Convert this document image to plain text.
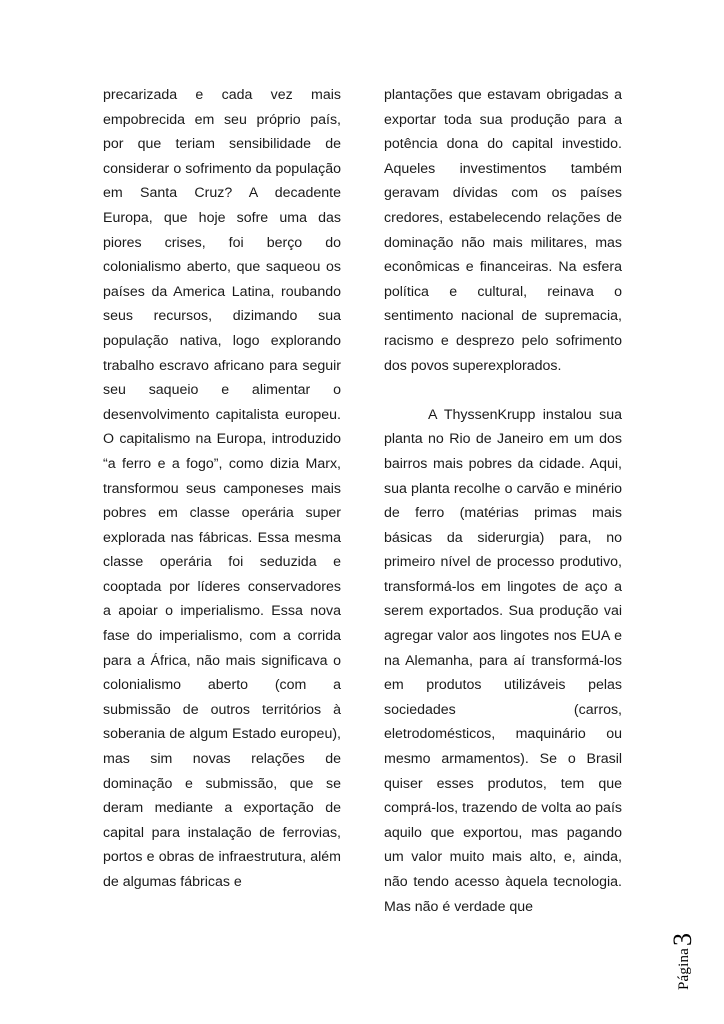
precarizada e cada vez mais empobrecida em seu próprio país, por que teriam sensibilidade de considerar o sofrimento da população em Santa Cruz? A decadente Europa, que hoje sofre uma das piores crises, foi berço do colonialismo aberto, que saqueou os países da America Latina, roubando seus recursos, dizimando sua população nativa, logo explorando trabalho escravo africano para seguir seu saqueio e alimentar o desenvolvimento capitalista europeu. O capitalismo na Europa, introduzido “a ferro e a fogo”, como dizia Marx, transformou seus camponeses mais pobres em classe operária super explorada nas fábricas. Essa mesma classe operária foi seduzida e cooptada por líderes conservadores a apoiar o imperialismo. Essa nova fase do imperialismo, com a corrida para a África, não mais significava o colonialismo aberto (com a submissão de outros territórios à soberania de algum Estado europeu), mas sim novas relações de dominação e submissão, que se deram mediante a exportação de capital para instalação de ferrovias, portos e obras de infraestrutura, além de algumas fábricas e

plantações que estavam obrigadas a exportar toda sua produção para a potência dona do capital investido. Aqueles investimentos também geravam dívidas com os países credores, estabelecendo relações de dominação não mais militares, mas econômicas e financeiras. Na esfera política e cultural, reinava o sentimento nacional de supremacia, racismo e desprezo pelo sofrimento dos povos superexplorados.

A ThyssenKrupp instalou sua planta no Rio de Janeiro em um dos bairros mais pobres da cidade. Aqui, sua planta recolhe o carvão e minério de ferro (matérias primas mais básicas da siderurgia) para, no primeiro nível de processo produtivo, transformá-los em lingotes de aço a serem exportados. Sua produção vai agregar valor aos lingotes nos EUA e na Alemanha, para aí transformá-los em produtos utilizáveis pelas sociedades (carros, eletrodomésticos, maquinário ou mesmo armamentos). Se o Brasil quiser esses produtos, tem que comprá-los, trazendo de volta ao país aquilo que exportou, mas pagando um valor muito mais alto, e, ainda, não tendo acesso àquela tecnologia. Mas não é verdade que

Página3
